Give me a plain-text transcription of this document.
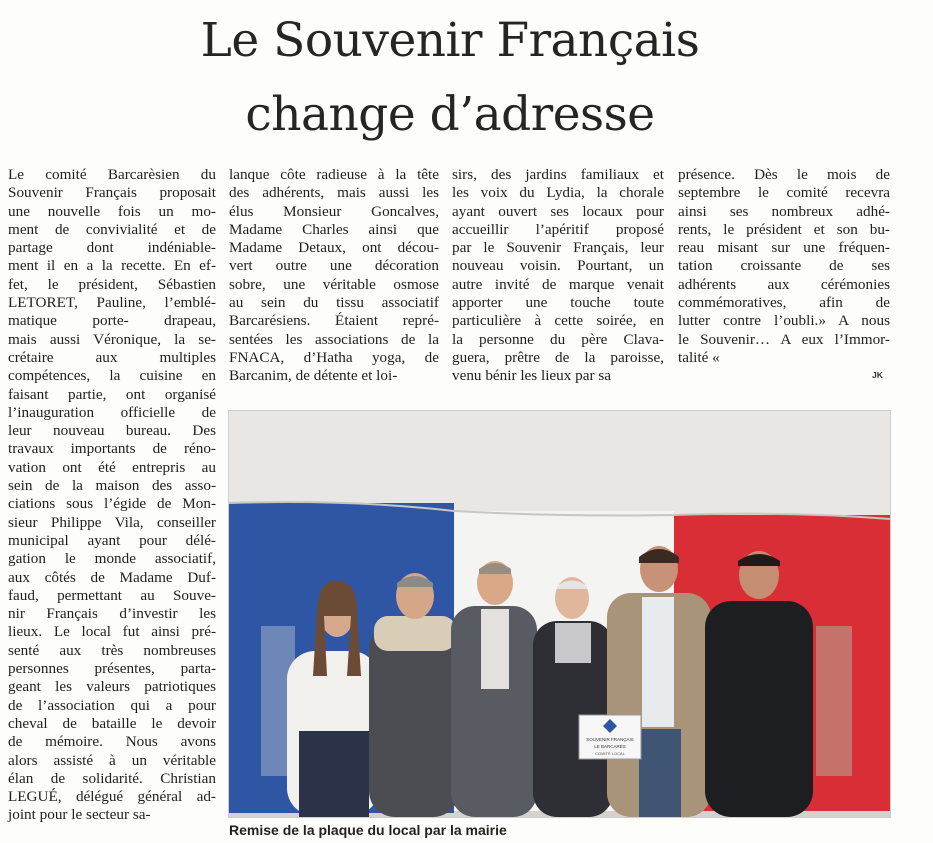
Le Souvenir Français
change d’adresse
Le comité Barcarèsien du
Souvenir Français proposait
une nouvelle fois un mo-
ment de convivialité et de
partage dont indéniable-
ment il en a la recette. En ef-
fet, le président, Sébastien
LETORET, Pauline, l’emblé-
matique porte- drapeau,
mais aussi Véronique, la se-
crétaire aux multiples
compétences, la cuisine en
faisant partie, ont organisé
l’inauguration officielle de
leur nouveau bureau. Des
travaux importants de réno-
vation ont été entrepris au
sein de la maison des asso-
ciations sous l’égide de Mon-
sieur Philippe Vila, conseiller
municipal ayant pour délé-
gation le monde associatif,
aux côtés de Madame Duf-
faud, permettant au Souve-
nir Français d’investir les
lieux. Le local fut ainsi pré-
senté aux très nombreuses
personnes présentes, parta-
geant les valeurs patriotiques
de l’association qui a pour
cheval de bataille le devoir
de mémoire. Nous avons
alors assisté à un véritable
élan de solidarité. Christian
LEGUÉ, délégué général ad-
joint pour le secteur sa-
lanque côte radieuse à la tête
des adhérents, mais aussi les
élus Monsieur Goncalves,
Madame Charles ainsi que
Madame Detaux, ont décou-
vert outre une décoration
sobre, une véritable osmose
au sein du tissu associatif
Barcarésiens. Étaient repré-
sentées les associations de la
FNACA, d’Hatha yoga, de
Barcanim, de détente et loi-
sirs, des jardins familiaux et
les voix du Lydia, la chorale
ayant ouvert ses locaux pour
accueillir l’apéritif proposé
par le Souvenir Français, leur
nouveau voisin. Pourtant, un
autre invité de marque venait
apporter une touche toute
particulière à cette soirée, en
la personne du père Clava-
guera, prêtre de la paroisse,
venu bénir les lieux par sa
présence. Dès le mois de
septembre le comité recevra
ainsi ses nombreux adhé-
rents, le président et son bu-
reau misant sur une fréquen-
tation croissante de ses
adhérents aux cérémonies
commémoratives, afin de
lutter contre l’oubli.» A nous
le Souvenir… A eux l’Immor-
talité «
JK
SOUVENIR FRANÇAIS
LE BARCARÈS
COMITÉ LOCAL
Remise de la plaque du local par la mairie
